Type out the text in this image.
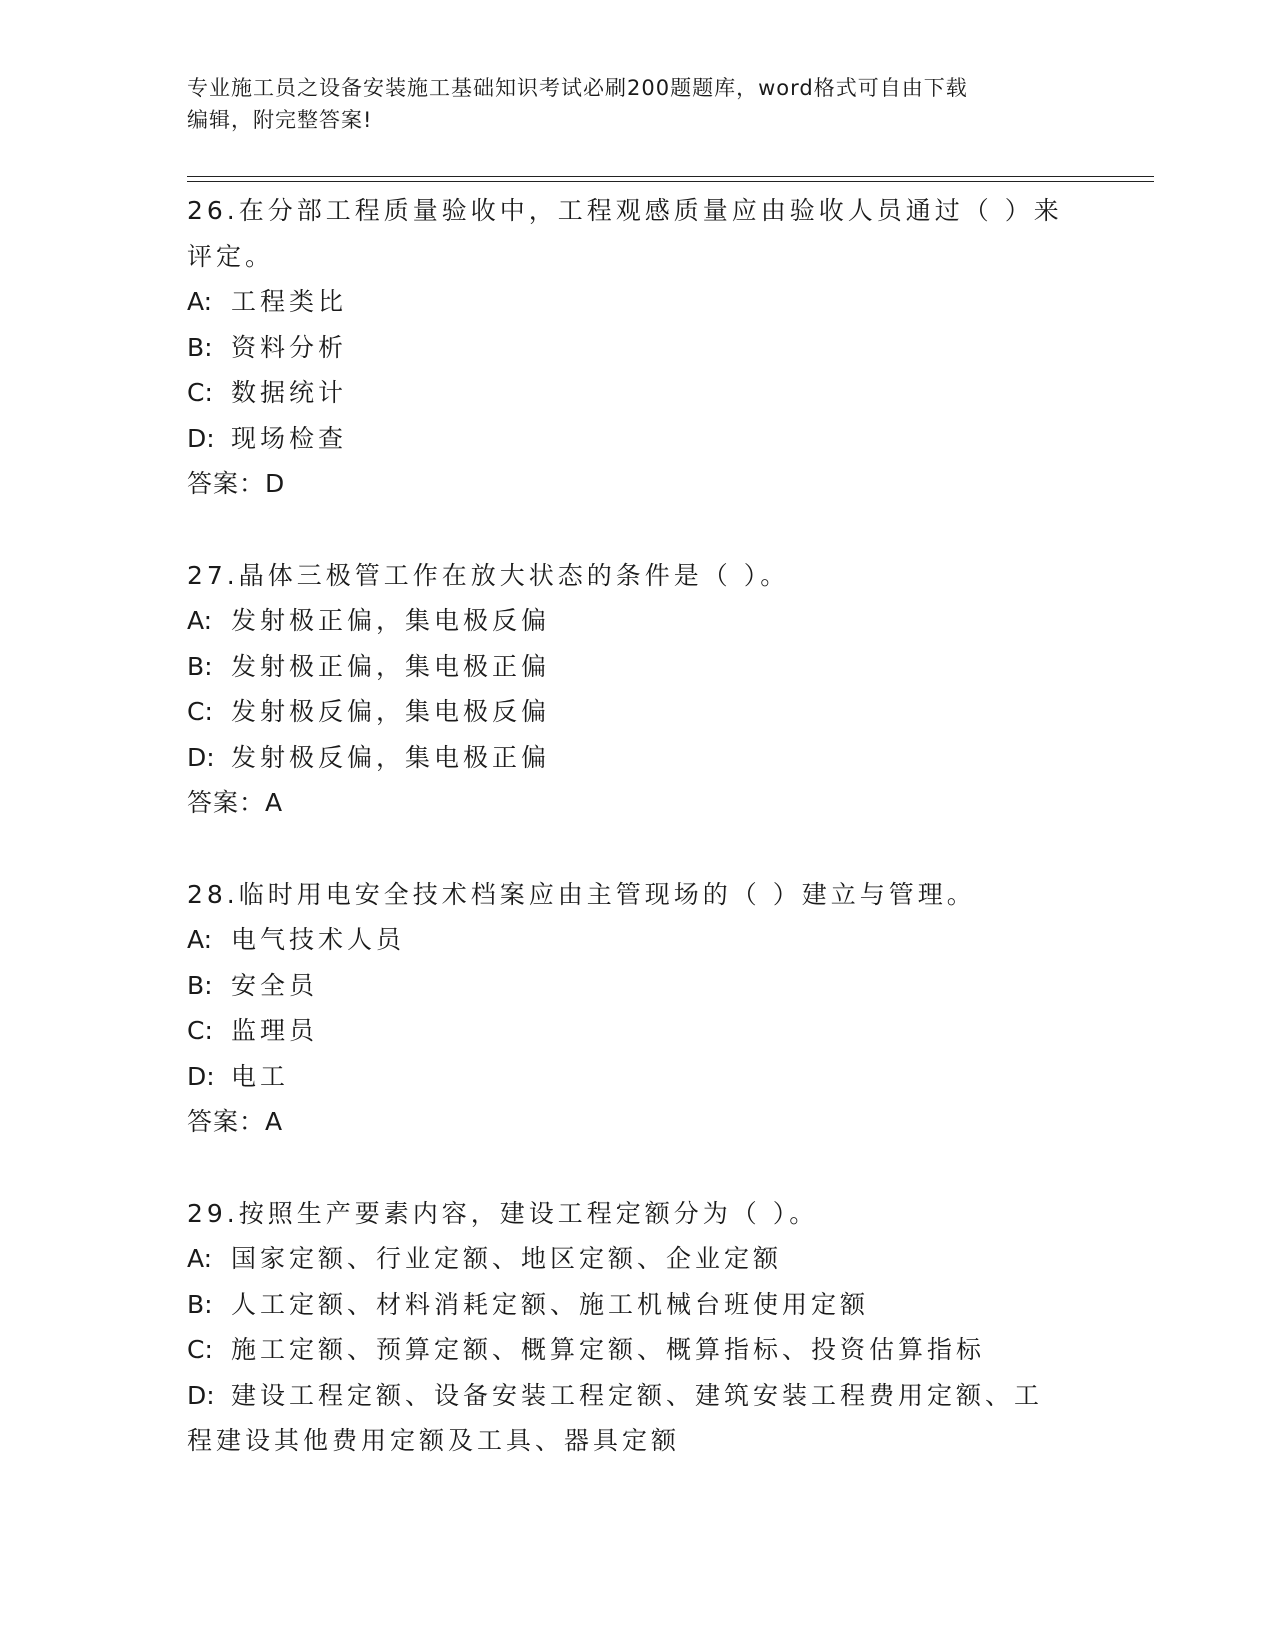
专业施工员之设备安装施工基础知识考试必刷200题题库，word格式可自由下载
编辑，附完整答案!
26.在分部工程质量验收中，工程观感质量应由验收人员通过（ ）来评定。
A: 工程类比
B: 资料分析
C: 数据统计
D: 现场检查
答案：D
27.晶体三极管工作在放大状态的条件是（ ）。
A: 发射极正偏，集电极反偏
B: 发射极正偏，集电极正偏
C: 发射极反偏，集电极反偏
D: 发射极反偏，集电极正偏
答案：A
28.临时用电安全技术档案应由主管现场的（ ）建立与管理。
A: 电气技术人员
B: 安全员
C: 监理员
D: 电工
答案：A
29.按照生产要素内容，建设工程定额分为（ ）。
A: 国家定额、行业定额、地区定额、企业定额
B: 人工定额、材料消耗定额、施工机械台班使用定额
C: 施工定额、预算定额、概算定额、概算指标、投资估算指标
D: 建设工程定额、设备安装工程定额、建筑安装工程费用定额、工程建设其他费用定额及工具、器具定额
